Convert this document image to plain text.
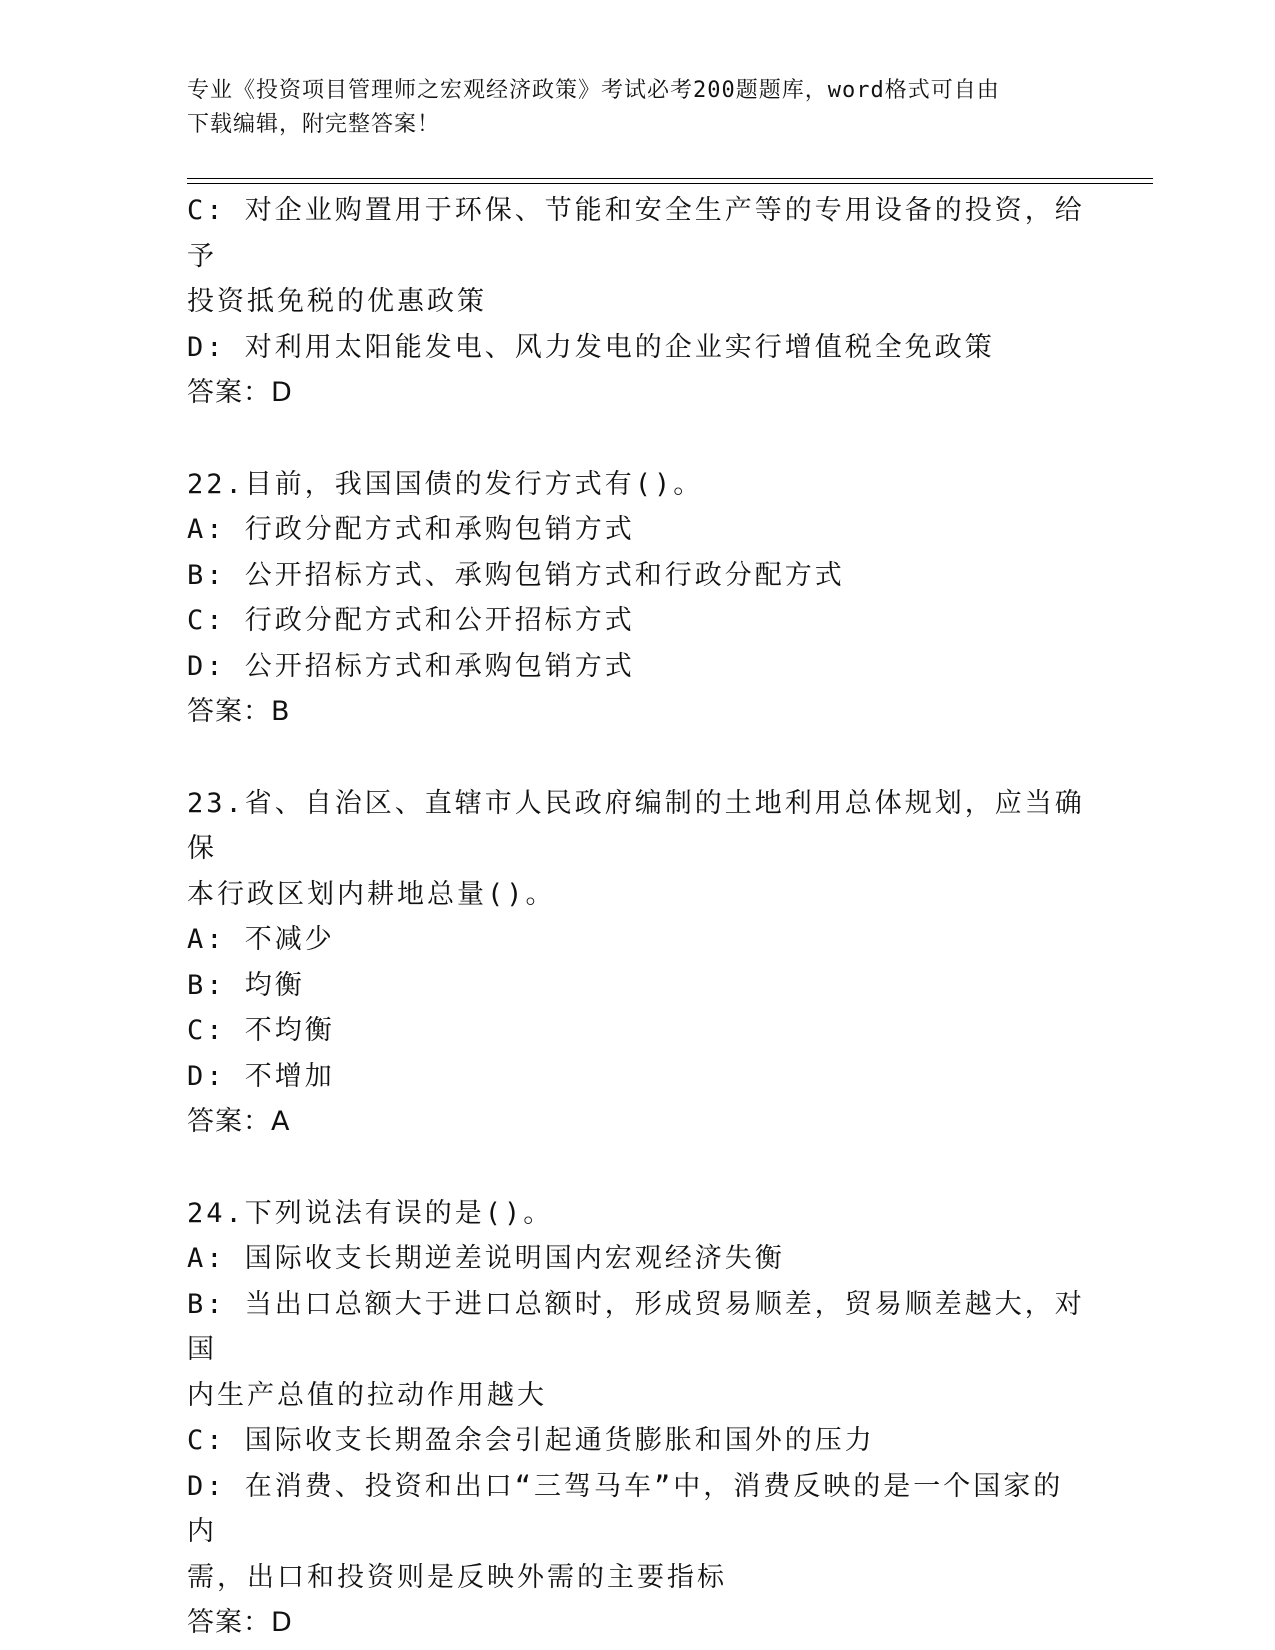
专业《投资项目管理师之宏观经济政策》考试必考200题题库，word格式可自由
下载编辑，附完整答案！
C: 对企业购置用于环保、节能和安全生产等的专用设备的投资，给予
投资抵免税的优惠政策
D: 对利用太阳能发电、风力发电的企业实行增值税全免政策
答案：D
22.目前，我国国债的发行方式有()。
A: 行政分配方式和承购包销方式
B: 公开招标方式、承购包销方式和行政分配方式
C: 行政分配方式和公开招标方式
D: 公开招标方式和承购包销方式
答案：B
23.省、自治区、直辖市人民政府编制的土地利用总体规划，应当确保
本行政区划内耕地总量()。
A: 不减少
B: 均衡
C: 不均衡
D: 不增加
答案：A
24.下列说法有误的是()。
A: 国际收支长期逆差说明国内宏观经济失衡
B: 当出口总额大于进口总额时，形成贸易顺差，贸易顺差越大，对国
内生产总值的拉动作用越大
C: 国际收支长期盈余会引起通货膨胀和国外的压力
D: 在消费、投资和出口“三驾马车”中，消费反映的是一个国家的内
需，出口和投资则是反映外需的主要指标
答案：D
